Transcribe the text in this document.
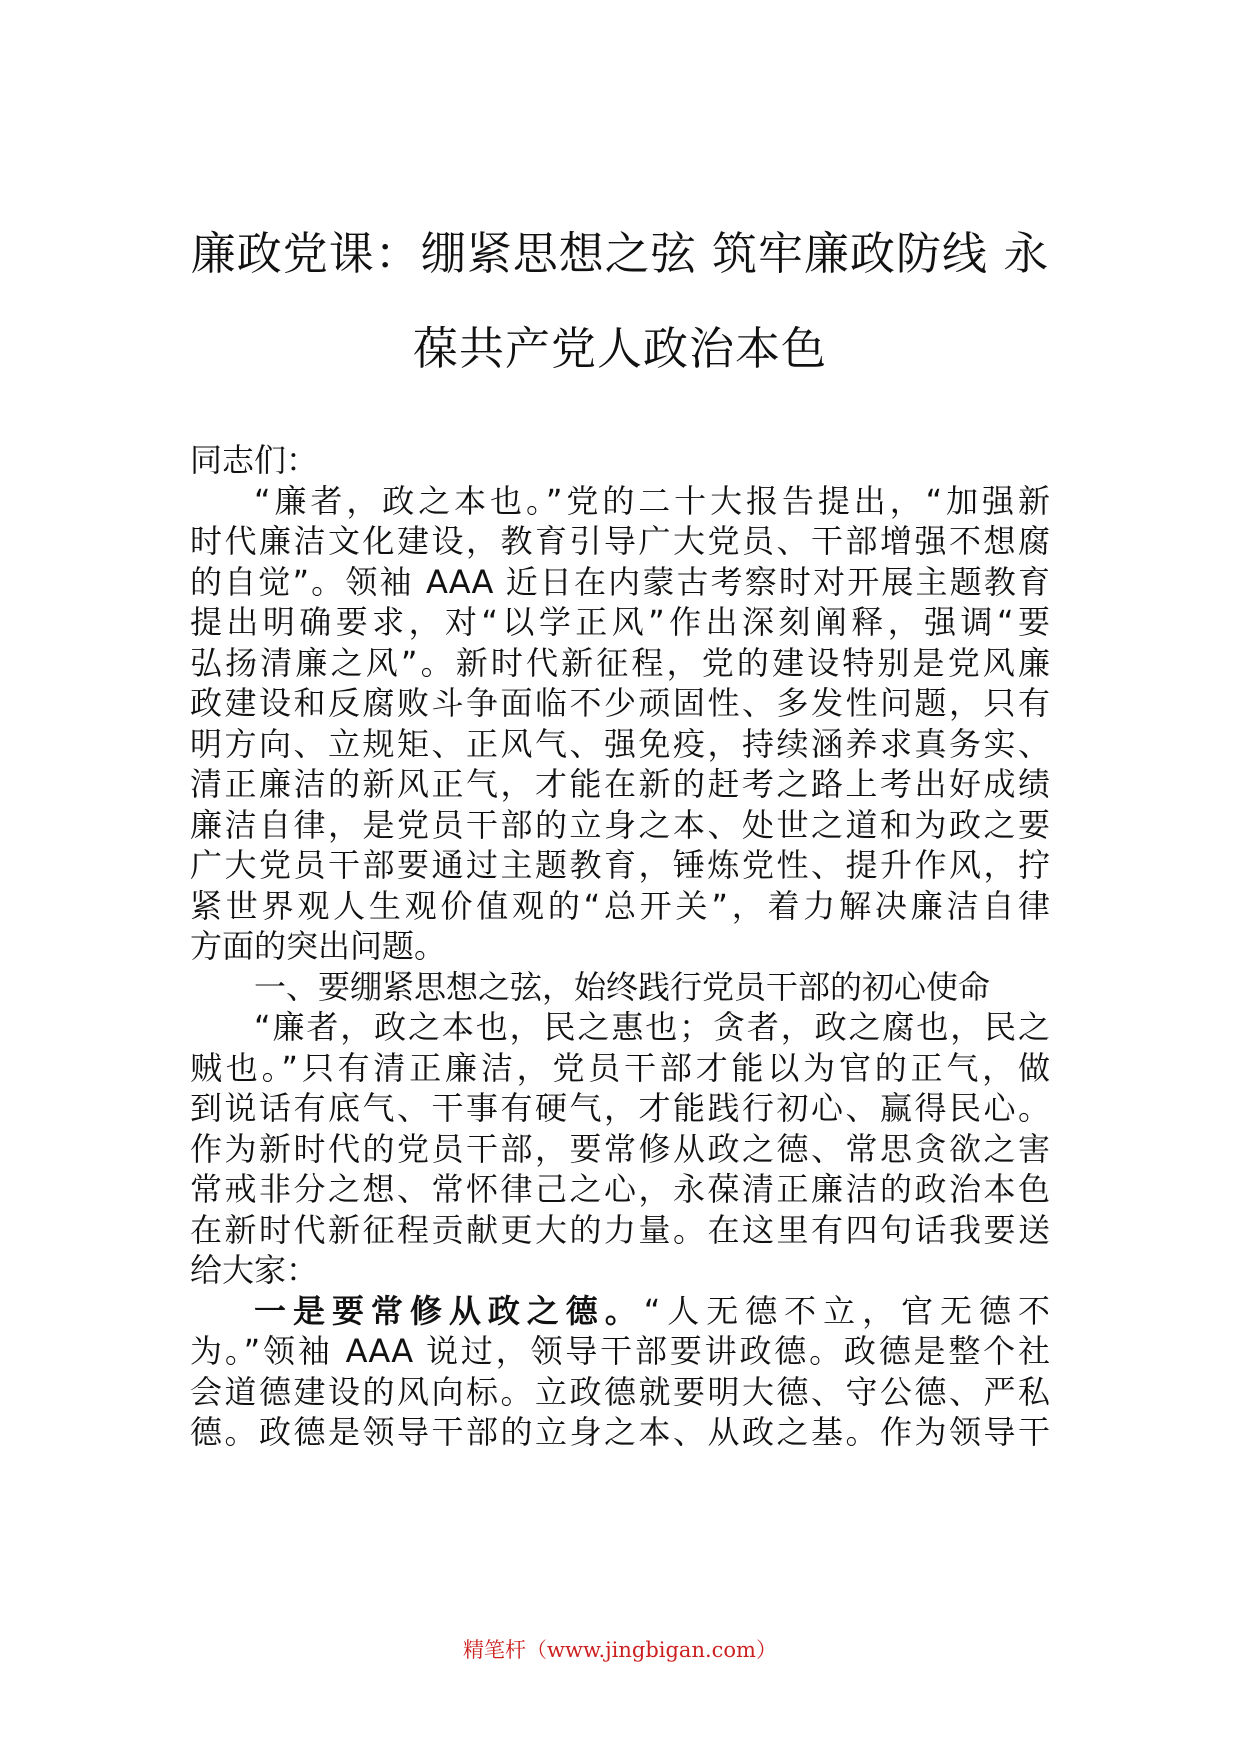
廉政党课：绷紧思想之弦 筑牢廉政防线 永
葆共产党人政治本色
同志们：
“廉者，政之本也。”党的二十大报告提出，“加强新
时代廉洁文化建设，教育引导广大党员、干部增强不想腐
的自觉”。领袖 AAA 近日在内蒙古考察时对开展主题教育
提出明确要求，对“以学正风”作出深刻阐释，强调“要
弘扬清廉之风”。新时代新征程，党的建设特别是党风廉
政建设和反腐败斗争面临不少顽固性、多发性问题，只有
明方向、立规矩、正风气、强免疫，持续涵养求真务实、
清正廉洁的新风正气，才能在新的赶考之路上考出好成绩
廉洁自律，是党员干部的立身之本、处世之道和为政之要
广大党员干部要通过主题教育，锤炼党性、提升作风，拧
紧世界观人生观价值观的“总开关”，着力解决廉洁自律
方面的突出问题。
一、要绷紧思想之弦，始终践行党员干部的初心使命
“廉者，政之本也，民之惠也；贪者，政之腐也，民之
贼也。”只有清正廉洁，党员干部才能以为官的正气，做
到说话有底气、干事有硬气，才能践行初心、赢得民心。
作为新时代的党员干部，要常修从政之德、常思贪欲之害
常戒非分之想、常怀律己之心，永葆清正廉洁的政治本色
在新时代新征程贡献更大的力量。在这里有四句话我要送
给大家：
一是要常修从政之德。“人无德不立，官无德不
为。”领袖 AAA 说过，领导干部要讲政德。政德是整个社
会道德建设的风向标。立政德就要明大德、守公德、严私
德。政德是领导干部的立身之本、从政之基。作为领导干
精笔杆（www.jingbigan.com）
